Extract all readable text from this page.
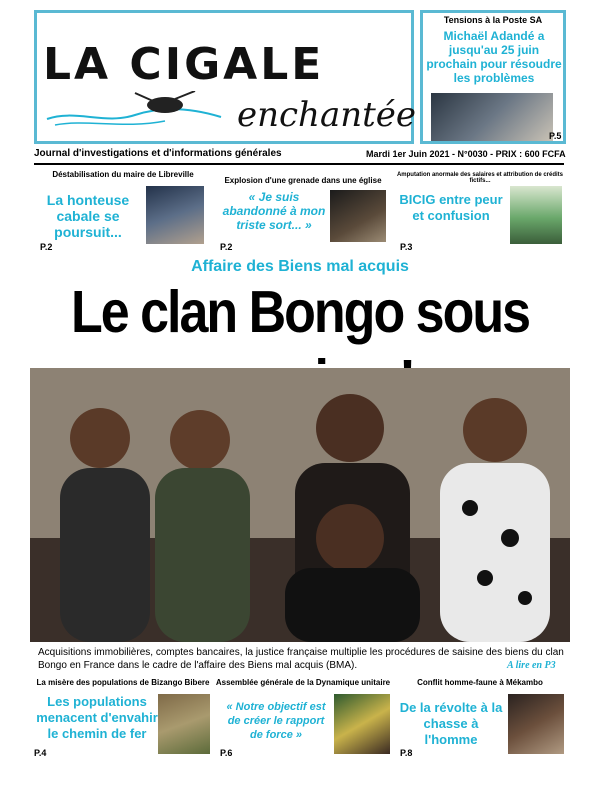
LA CIGALE
enchantée
Tensions à la Poste SA
Michaël Adandé a jusqu'au 25 juin prochain pour résoudre les problèmes
P.5
Journal d'investigations et d'informations générales	Mardi 1er Juin 2021 - N°0030 - PRIX : 600 FCFA
Déstabilisation du maire de Libreville
La honteuse cabale se poursuit...
P.2
Explosion d'une grenade dans une église
« Je suis abandonné à mon triste sort... »
P.2
Amputation anormale des salaires et attribution de crédits fictifs...
BICIG entre peur et confusion
P.3
Affaire des Biens mal acquis
Le clan Bongo sous
Acquisitions immobilières, comptes bancaires, la justice française multiplie les procédures de saisine des biens du clan Bongo en France dans le cadre de l'affaire des Biens mal acquis (BMA).	A lire en P3
La misère des populations de Bizango Bibere
Les populations menacent d'envahir le chemin de fer
P.4
Assemblée générale de la Dynamique unitaire
« Notre objectif est de créer le rapport de force »
P.6
Conflit homme-faune à Mékambo
De la révolte à la chasse à l'homme
P.8
